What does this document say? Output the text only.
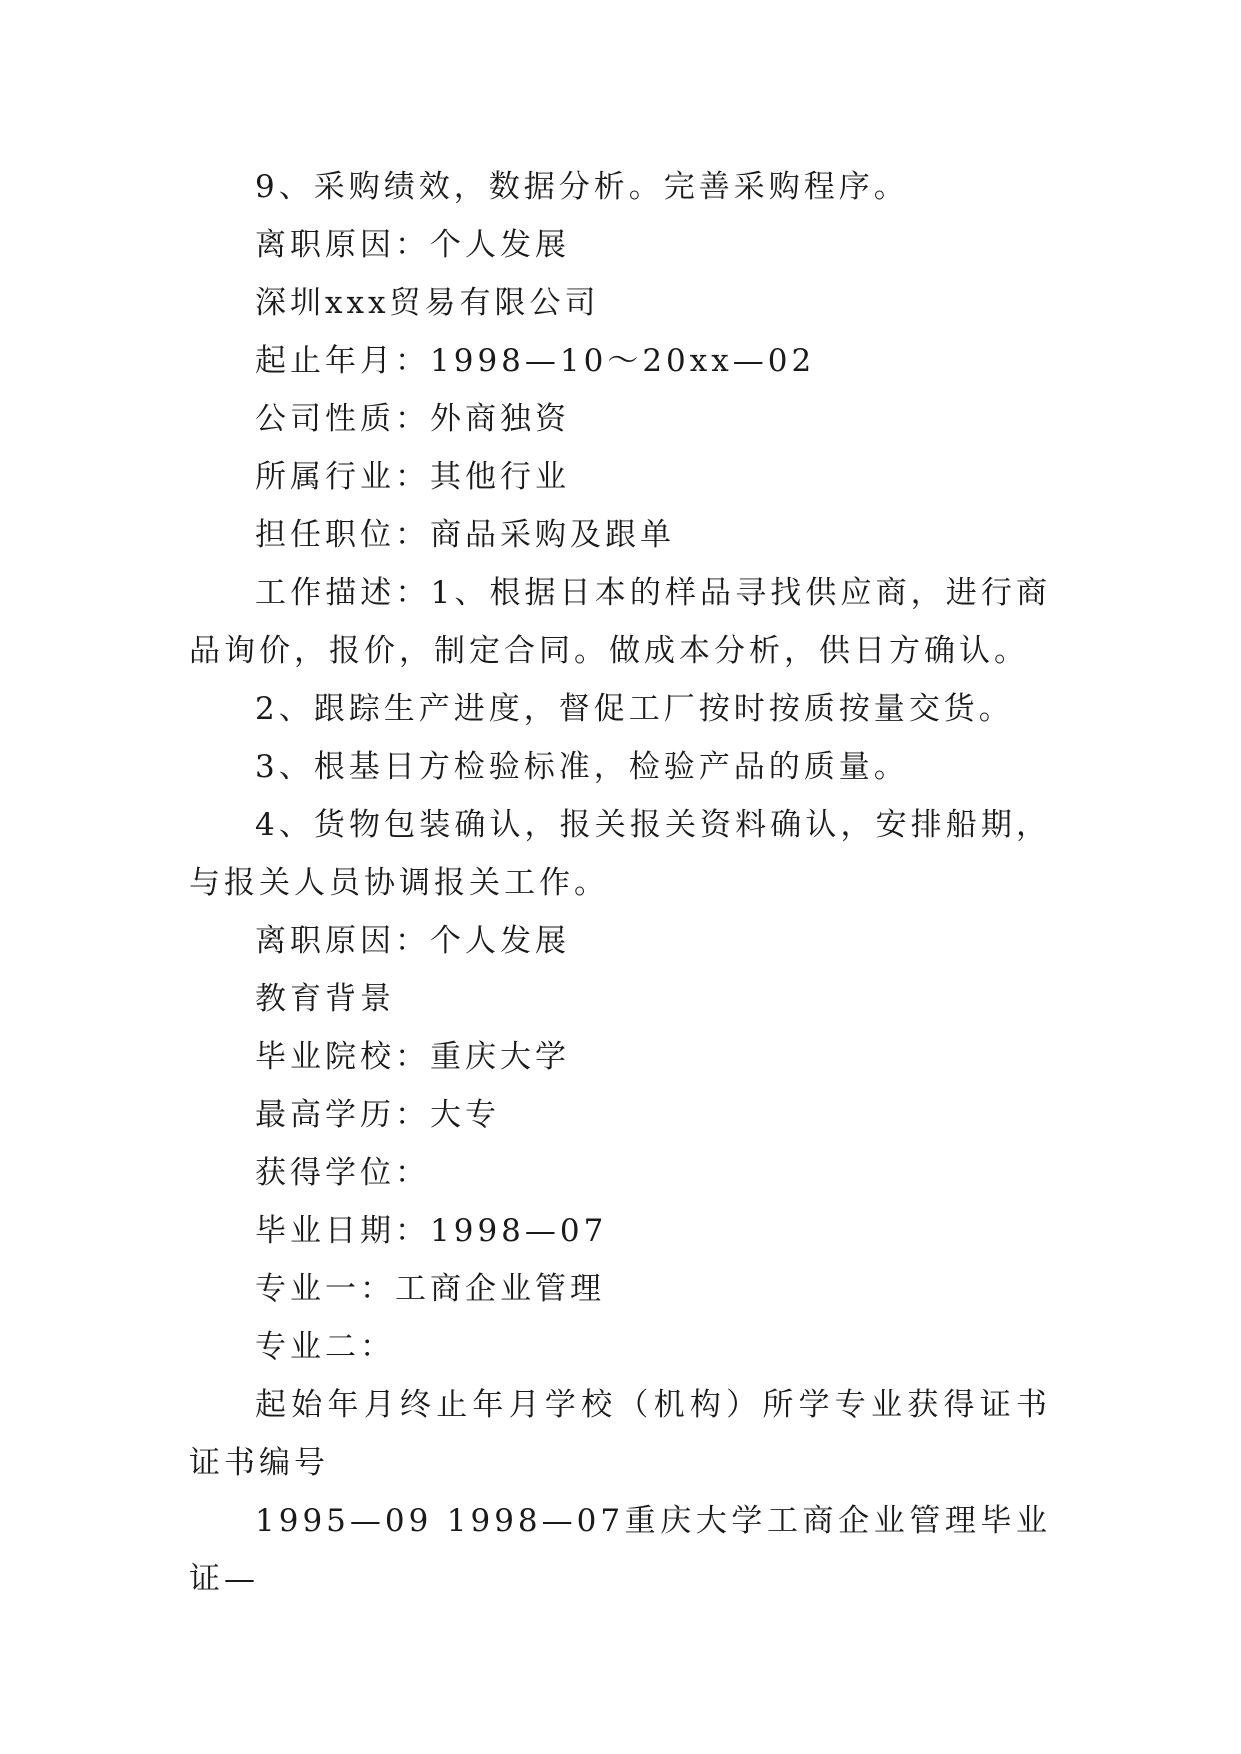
9、采购绩效，数据分析。完善采购程序。

离职原因：个人发展

深圳xxx贸易有限公司

起止年月：1998—10～20xx—02

公司性质：外商独资

所属行业：其他行业

担任职位：商品采购及跟单

工作描述：1、根据日本的样品寻找供应商，进行商品询价，报价，制定合同。做成本分析，供日方确认。

2、跟踪生产进度，督促工厂按时按质按量交货。

3、根基日方检验标准，检验产品的质量。

4、货物包装确认，报关报关资料确认，安排船期，与报关人员协调报关工作。

离职原因：个人发展

教育背景

毕业院校：重庆大学

最高学历：大专

获得学位：

毕业日期：1998—07

专业一：工商企业管理

专业二：

起始年月终止年月学校（机构）所学专业获得证书证书编号

1995—09 1998—07重庆大学工商企业管理毕业证—
